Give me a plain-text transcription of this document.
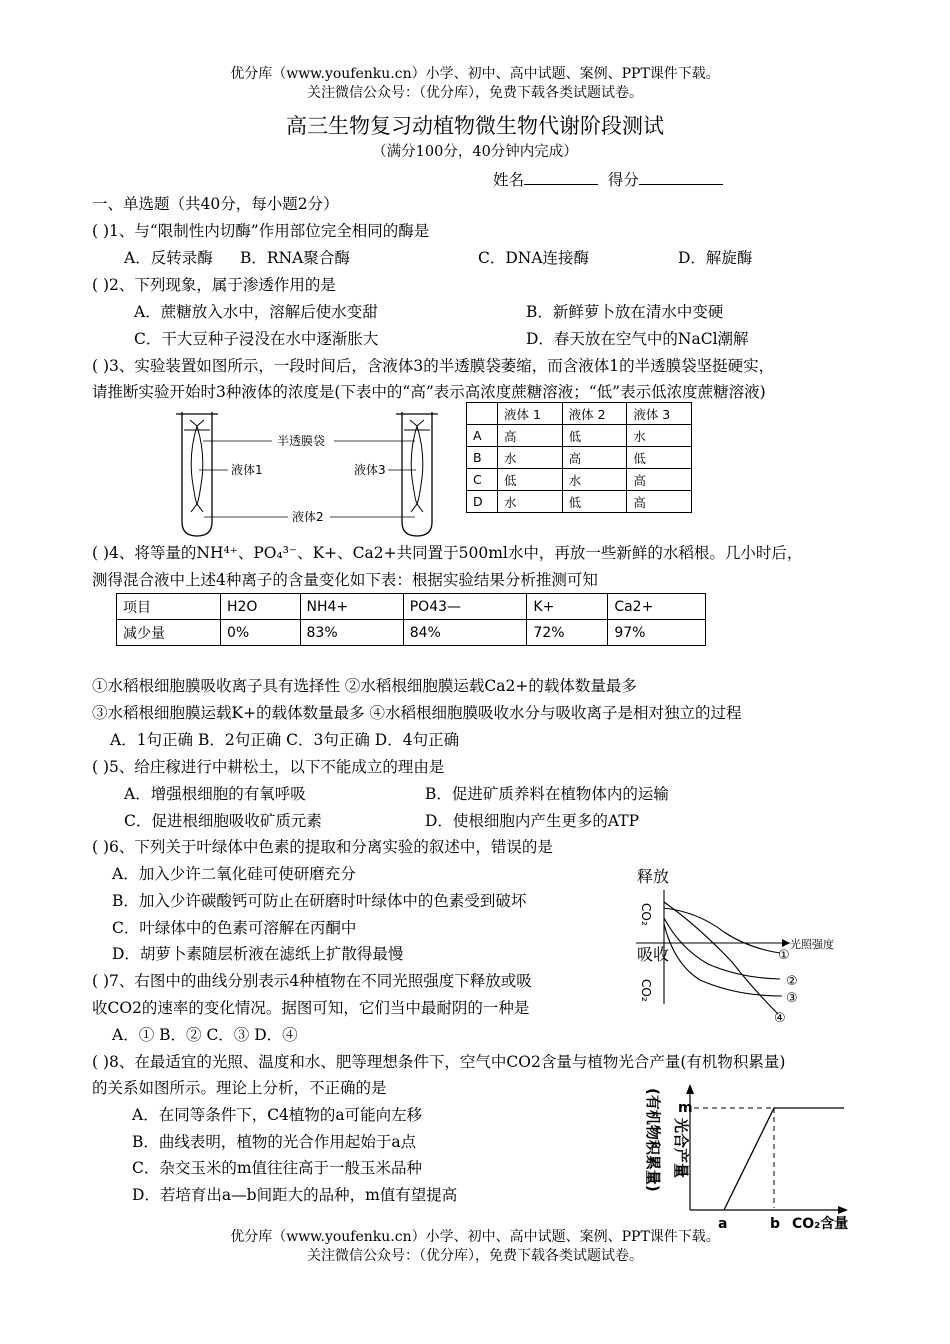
优分库（www.youfenku.cn）小学、初中、高中试题、案例、PPT课件下载。
关注微信公众号：（优分库），免费下载各类试题试卷。
高三生物复习动植物微生物代谢阶段测试
（满分100分，40分钟内完成）
姓名	得分
一、单选题（共40分，每小题2分）
( )1、与“限制性内切酶”作用部位完全相同的酶是
A．反转录酶 B．RNA聚合酶	C．DNA连接酶	D．解旋酶
( )2、下列现象，属于渗透作用的是
A．蔗糖放入水中，溶解后使水变甜	B．新鲜萝卜放在清水中变硬
C．干大豆种子浸没在水中逐渐胀大	D．春天放在空气中的NaCl潮解
( )3、实验装置如图所示，一段时间后，含液体3的半透膜袋萎缩，而含液体1的半透膜袋坚挺硬实，
请推断实验开始时3种液体的浓度是(下表中的“高”表示高浓度蔗糖溶液；“低”表示低浓度蔗糖溶液)
半透膜袋
液体1	液体3
液体2
	液体 1	液体 2	液体 3
A	高	低	水
B	水	高	低
C	低	水	高
D	水	低	高
( )4、将等量的NH⁴⁺、PO₄³⁻、K+、Ca2+共同置于500ml水中，再放一些新鲜的水稻根。几小时后，
测得混合液中上述4种离子的含量变化如下表：根据实验结果分析推测可知
项目	H2O	NH4+	PO43—	K+	Ca2+
减少量	0%	83%	84%	72%	97%
①水稻根细胞膜吸收离子具有选择性 ②水稻根细胞膜运载Ca2+的载体数量最多
③水稻根细胞膜运载K+的载体数量最多 ④水稻根细胞膜吸收水分与吸收离子是相对独立的过程
A．1句正确 B．2句正确 C．3句正确 D．4句正确
( )5、给庄稼进行中耕松土，以下不能成立的理由是
A．增强根细胞的有氧呼吸	B．促进矿质养料在植物体内的运输
C．促进根细胞吸收矿质元素	D．使根细胞内产生更多的ATP
( )6、下列关于叶绿体中色素的提取和分离实验的叙述中，错误的是
A．加入少许二氧化硅可使研磨充分
B．加入少许碳酸钙可防止在研磨时叶绿体中的色素受到破坏
C．叶绿体中的色素可溶解在丙酮中
D．胡萝卜素随层析液在滤纸上扩散得最慢
释放
CO₂
吸收
CO₂
光照强度
①
②
③
④
( )7、右图中的曲线分别表示4种植物在不同光照强度下释放或吸
收CO2的速率的变化情况。据图可知，它们当中最耐阴的一种是
A．① B．② C．③ D．④
( )8、在最适宜的光照、温度和水、肥等理想条件下，空气中CO2含量与植物光合产量(有机物积累量)
的关系如图所示。理论上分析，不正确的是
A．在同等条件下，C4植物的a可能向左移
B．曲线表明，植物的光合作用起始于a点
C．杂交玉米的m值往往高于一般玉米品种
D．若培育出a—b间距大的品种，m值有望提高
(有机物积累量) 光合产量
m
a	b CO₂含量
优分库（www.youfenku.cn）小学、初中、高中试题、案例、PPT课件下载。
关注微信公众号：（优分库），免费下载各类试题试卷。
